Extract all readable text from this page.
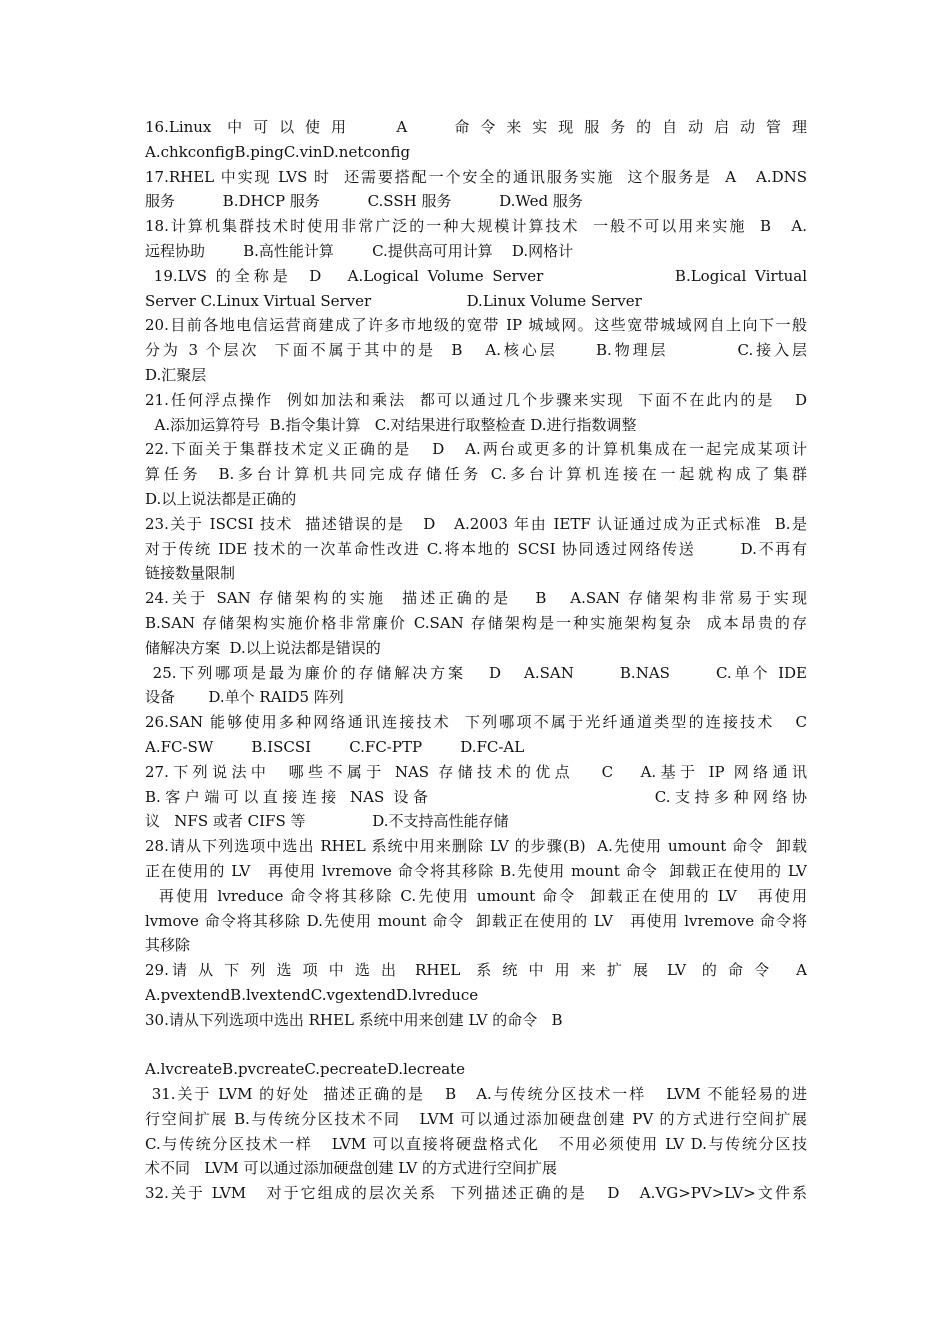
16.Linux  中 可 以 使 用      A      命 令 来 实 现 服 务 的 自 动 启 动 管 理
A.chkconfigB.pingC.vinD.netconfig
17.RHEL 中实现 LVS 时  还需要搭配一个安全的通讯服务实施  这个服务是  A   A.DNS
服务          B.DHCP 服务          C.SSH 服务          D.Wed 服务
18.计算机集群技术时使用非常广泛的一种大规模计算技术  一般不可以用来实施  B   A.
远程协助        B.高性能计算        C.提供高可用计算    D.网格计
19.LVS 的全称是  D   A.Logical Volume Server               B.Logical Virtual
Server C.Linux Virtual Server                    D.Linux Volume Server
20.目前各地电信运营商建成了许多市地级的宽带 IP 城域网。这些宽带城域网自上向下一般
分为 3 个层次  下面不属于其中的是  B   A.核心层     B.物理层         C.接入层
D.汇聚层
21.任何浮点操作  例如加法和乘法  都可以通过几个步骤来实现  下面不在此内的是   D
A.添加运算符号  B.指令集计算   C.对结果进行取整检查 D.进行指数调整
22.下面关于集群技术定义正确的是   D   A.两台或更多的计算机集成在一起完成某项计
算任务  B.多台计算机共同完成存储任务 C.多台计算机连接在一起就构成了集群
D.以上说法都是正确的
23.关于 ISCSI 技术  描述错误的是   D   A.2003 年由 IETF 认证通过成为正式标准  B.是
对于传统 IDE 技术的一次革命性改进 C.将本地的 SCSI 协同透过网络传送       D.不再有
链接数量限制
24.关于 SAN 存储架构的实施  描述正确的是   B   A.SAN 存储架构非常易于实现
B.SAN 存储架构实施价格非常廉价 C.SAN 存储架构是一种实施架构复杂  成本昂贵的存
储解决方案  D.以上说法都是错误的
25.下列哪项是最为廉价的存储解决方案   D   A.SAN      B.NAS      C.单个 IDE
设备       D.单个 RAID5 阵列
26.SAN 能够使用多种网络通讯连接技术  下列哪项不属于光纤通道类型的连接技术   C
A.FC-SW        B.ISCSI        C.FC-PTP        D.FC-AL
27.下列说法中  哪些不属于 NAS 存储技术的优点   C   A.基于 IP 网络通讯
B.客户端可以直接连接 NAS 设备                        C.支持多种网络协
议   NFS 或者 CIFS 等              D.不支持高性能存储
28.请从下列选项中选出 RHEL 系统中用来删除 LV 的步骤(B)  A.先使用 umount 命令  卸载
正在使用的 LV   再使用 lvremove 命令将其移除 B.先使用 mount 命令  卸载正在使用的 LV
再使用 lvreduce 命令将其移除 C.先使用 umount 命令  卸载正在使用的 LV   再使用
lvmove 命令将其移除 D.先使用 mount 命令  卸载正在使用的 LV   再使用 lvremove 命令将
其移除
29.请 从 下 列 选 项 中 选 出  RHEL  系 统 中 用 来 扩 展  LV  的 命 令   A
A.pvextendB.lvextendC.vgextendD.lvreduce
30.请从下列选项中选出 RHEL 系统中用来创建 LV 的命令   B
A.lvcreateB.pvcreateC.pecreateD.lecreate
31.关于 LVM 的好处  描述正确的是   B   A.与传统分区技术一样   LVM 不能轻易的进
行空间扩展 B.与传统分区技术不同   LVM 可以通过添加硬盘创建 PV 的方式进行空间扩展
C.与传统分区技术一样   LVM 可以直接将硬盘格式化   不用必须使用 LV D.与传统分区技
术不同   LVM 可以通过添加硬盘创建 LV 的方式进行空间扩展
32.关于 LVM   对于它组成的层次关系  下列描述正确的是   D   A.VG>PV>LV>文件系
